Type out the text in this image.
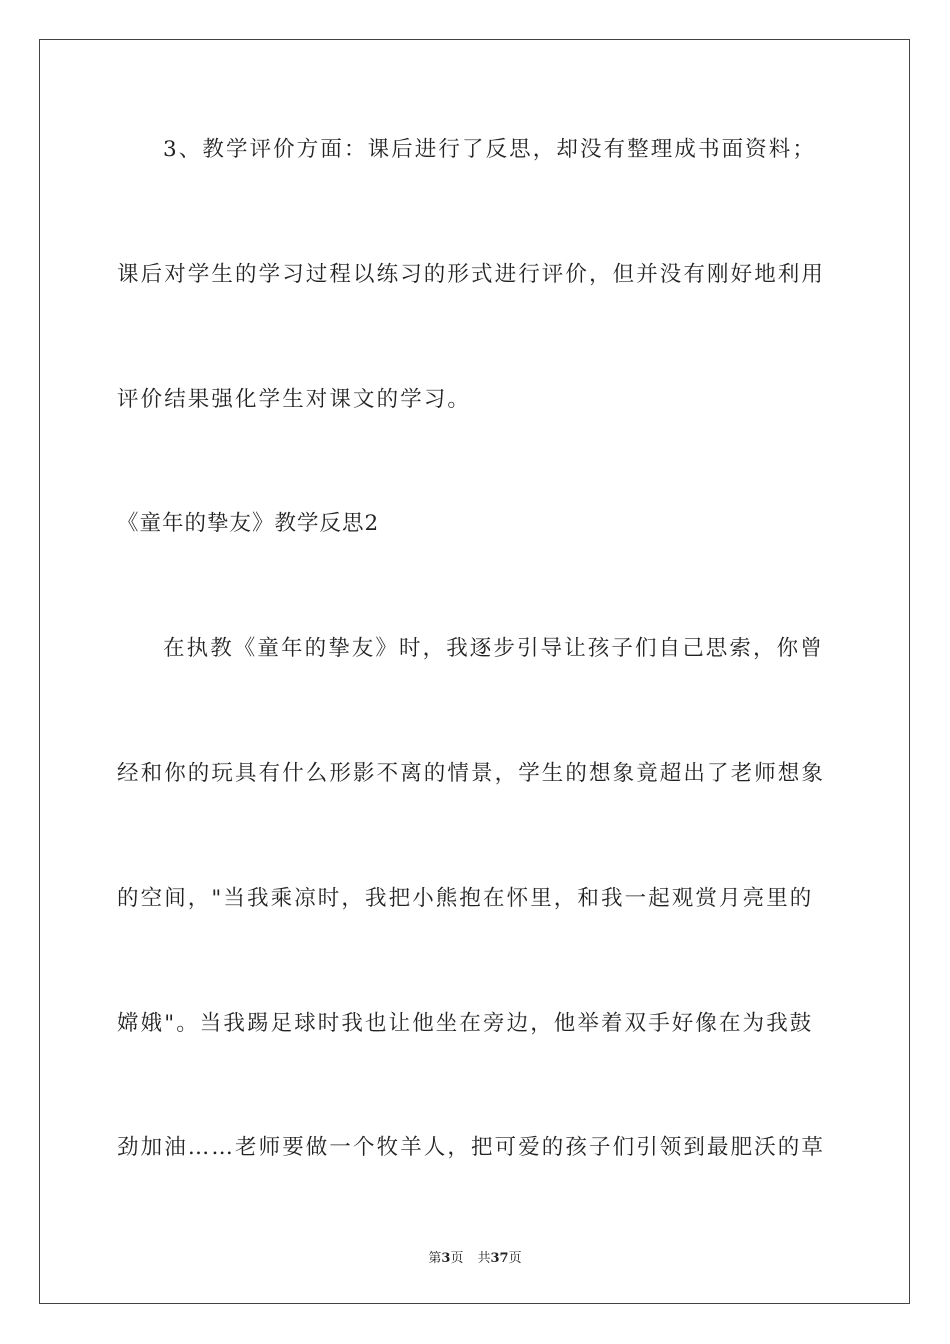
3、教学评价方面：课后进行了反思，却没有整理成书面资料；

课后对学生的学习过程以练习的形式进行评价，但并没有刚好地利用

评价结果强化学生对课文的学习。

《童年的挚友》教学反思2

在执教《童年的挚友》时，我逐步引导让孩子们自己思索，你曾

经和你的玩具有什么形影不离的情景，学生的想象竟超出了老师想象

的空间，"当我乘凉时，我把小熊抱在怀里，和我一起观赏月亮里的

嫦娥"。当我踢足球时我也让他坐在旁边，他举着双手好像在为我鼓

劲加油……老师要做一个牧羊人，把可爱的孩子们引领到最肥沃的草

第3页 共37页
